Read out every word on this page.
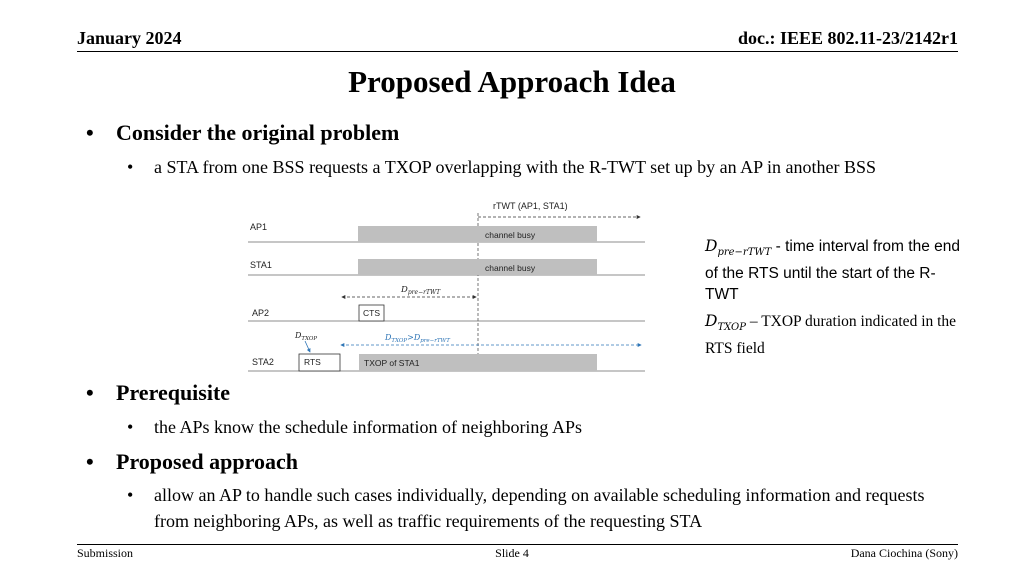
January 2024	doc.: IEEE 802.11-23/2142r1
Proposed Approach Idea
• Consider the original problem
• a STA from one BSS requests a TXOP overlapping with the R-TWT set up by an AP in another BSS
rTWT (AP1, STA1)
AP1
channel busy
STA1	channel busy
$D_{pre-rTWT}$
AP2	CTS
$D_{TXOP}$	$D_{TXOP}>D_{pre-rTWT}$
STA2	RTS	TXOP of STA1
$D_{pre-rTWT}$ - time interval from the end of the RTS until the start of the R-TWT
$D_{TXOP}$ – TXOP duration indicated in the RTS field
• Prerequisite
• the APs know the schedule information of neighboring APs
• Proposed approach
• allow an AP to handle such cases individually, depending on available scheduling information and requests from neighboring APs, as well as traffic requirements of the requesting STA
Submission	Slide 4	Dana Ciochina (Sony)
